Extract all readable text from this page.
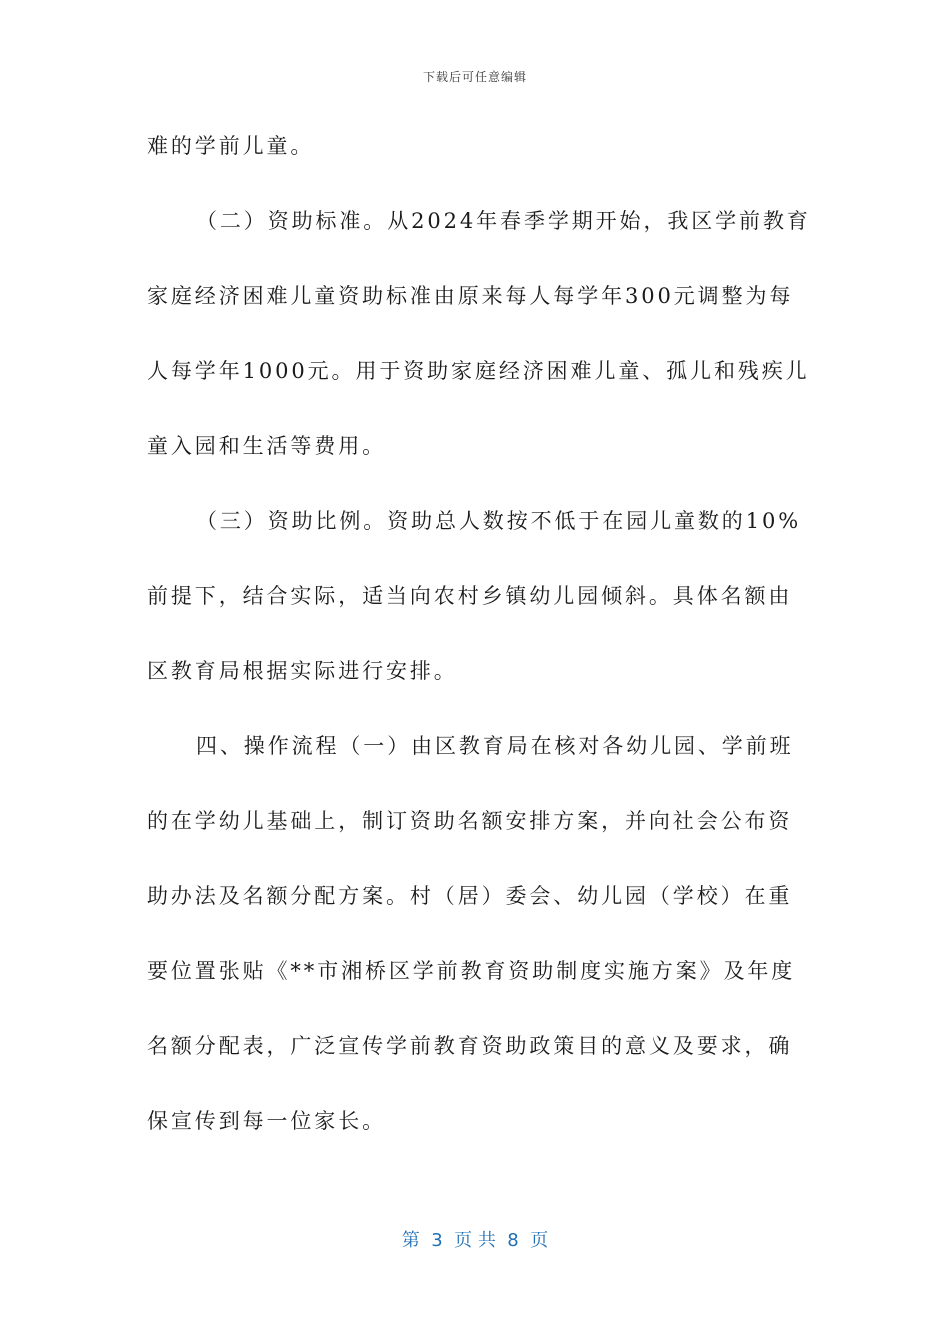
下载后可任意编辑
难的学前儿童。
（二）资助标准。从2024年春季学期开始，我区学前教育
家庭经济困难儿童资助标准由原来每人每学年300元调整为每
人每学年1000元。用于资助家庭经济困难儿童、孤儿和残疾儿
童入园和生活等费用。
（三）资助比例。资助总人数按不低于在园儿童数的10%
前提下，结合实际，适当向农村乡镇幼儿园倾斜。具体名额由
区教育局根据实际进行安排。
四、操作流程（一）由区教育局在核对各幼儿园、学前班
的在学幼儿基础上，制订资助名额安排方案，并向社会公布资
助办法及名额分配方案。村（居）委会、幼儿园（学校）在重
要位置张贴《**市湘桥区学前教育资助制度实施方案》及年度
名额分配表，广泛宣传学前教育资助政策目的意义及要求，确
保宣传到每一位家长。
第  3  页 共  8  页
